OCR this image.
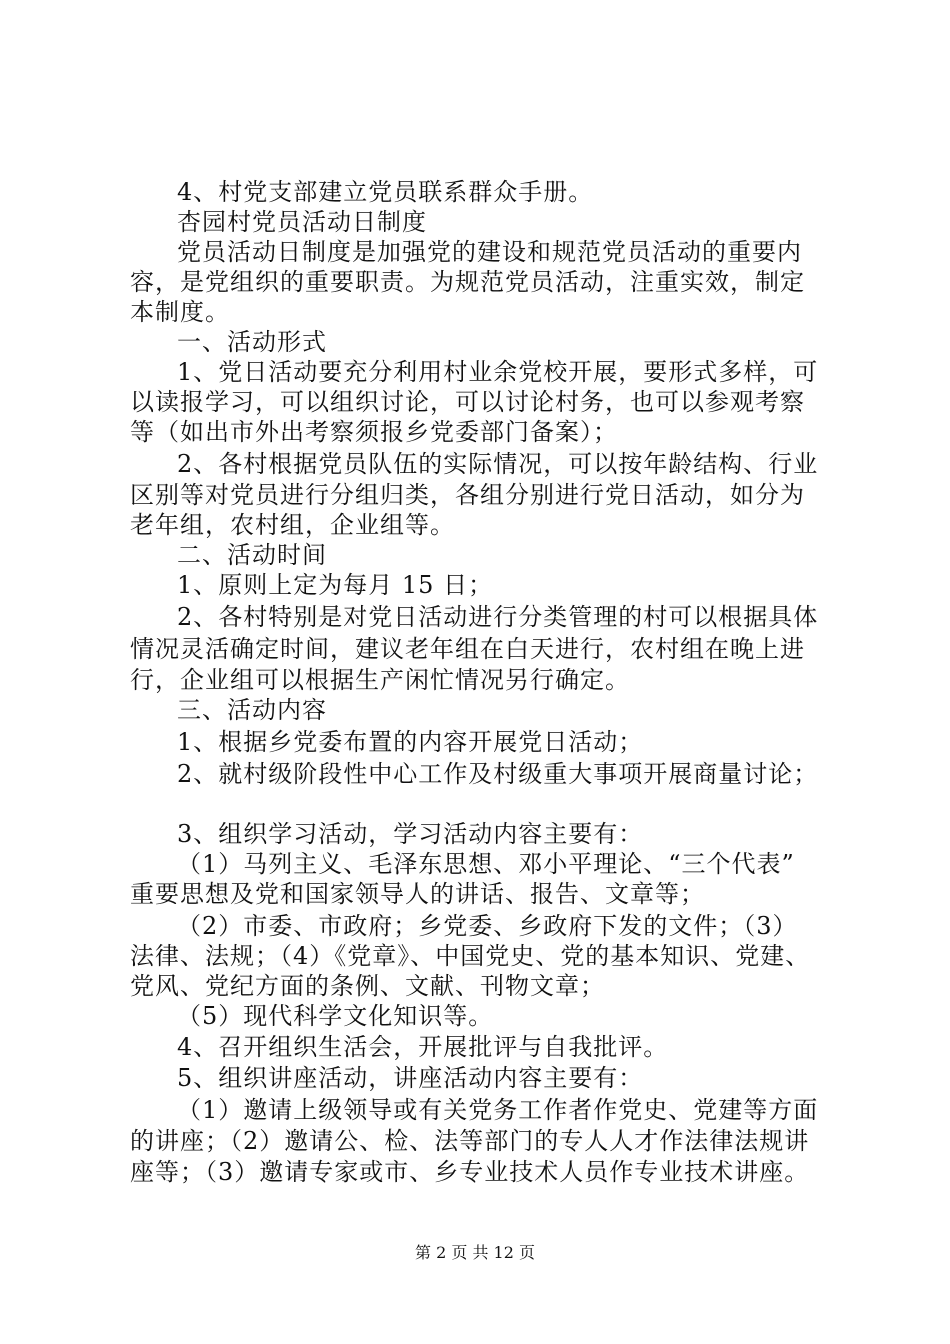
4、村党支部建立党员联系群众手册。
杏园村党员活动日制度
党员活动日制度是加强党的建设和规范党员活动的重要内
容，是党组织的重要职责。为规范党员活动，注重实效，制定
本制度。
一、活动形式
1、党日活动要充分利用村业余党校开展，要形式多样，可
以读报学习，可以组织讨论，可以讨论村务，也可以参观考察
等（如出市外出考察须报乡党委部门备案）；
2、各村根据党员队伍的实际情况，可以按年龄结构、行业
区别等对党员进行分组归类，各组分别进行党日活动，如分为
老年组，农村组，企业组等。
二、活动时间
1、原则上定为每月 15 日；
2、各村特别是对党日活动进行分类管理的村可以根据具体
情况灵活确定时间，建议老年组在白天进行，农村组在晚上进
行，企业组可以根据生产闲忙情况另行确定。
三、活动内容
1、根据乡党委布置的内容开展党日活动；
2、就村级阶段性中心工作及村级重大事项开展商量讨论；
3、组织学习活动，学习活动内容主要有：
（1）马列主义、毛泽东思想、邓小平理论、“三个代表”
重要思想及党和国家领导人的讲话、报告、文章等；
（2）市委、市政府；乡党委、乡政府下发的文件；（3）
法律、法规；（4）《党章》、中国党史、党的基本知识、党建、
党风、党纪方面的条例、文献、刊物文章；
（5）现代科学文化知识等。
4、召开组织生活会，开展批评与自我批评。
5、组织讲座活动，讲座活动内容主要有：
（1）邀请上级领导或有关党务工作者作党史、党建等方面
的讲座；（2）邀请公、检、法等部门的专人人才作法律法规讲
座等；（3）邀请专家或市、乡专业技术人员作专业技术讲座。
第 2 页 共 12 页
